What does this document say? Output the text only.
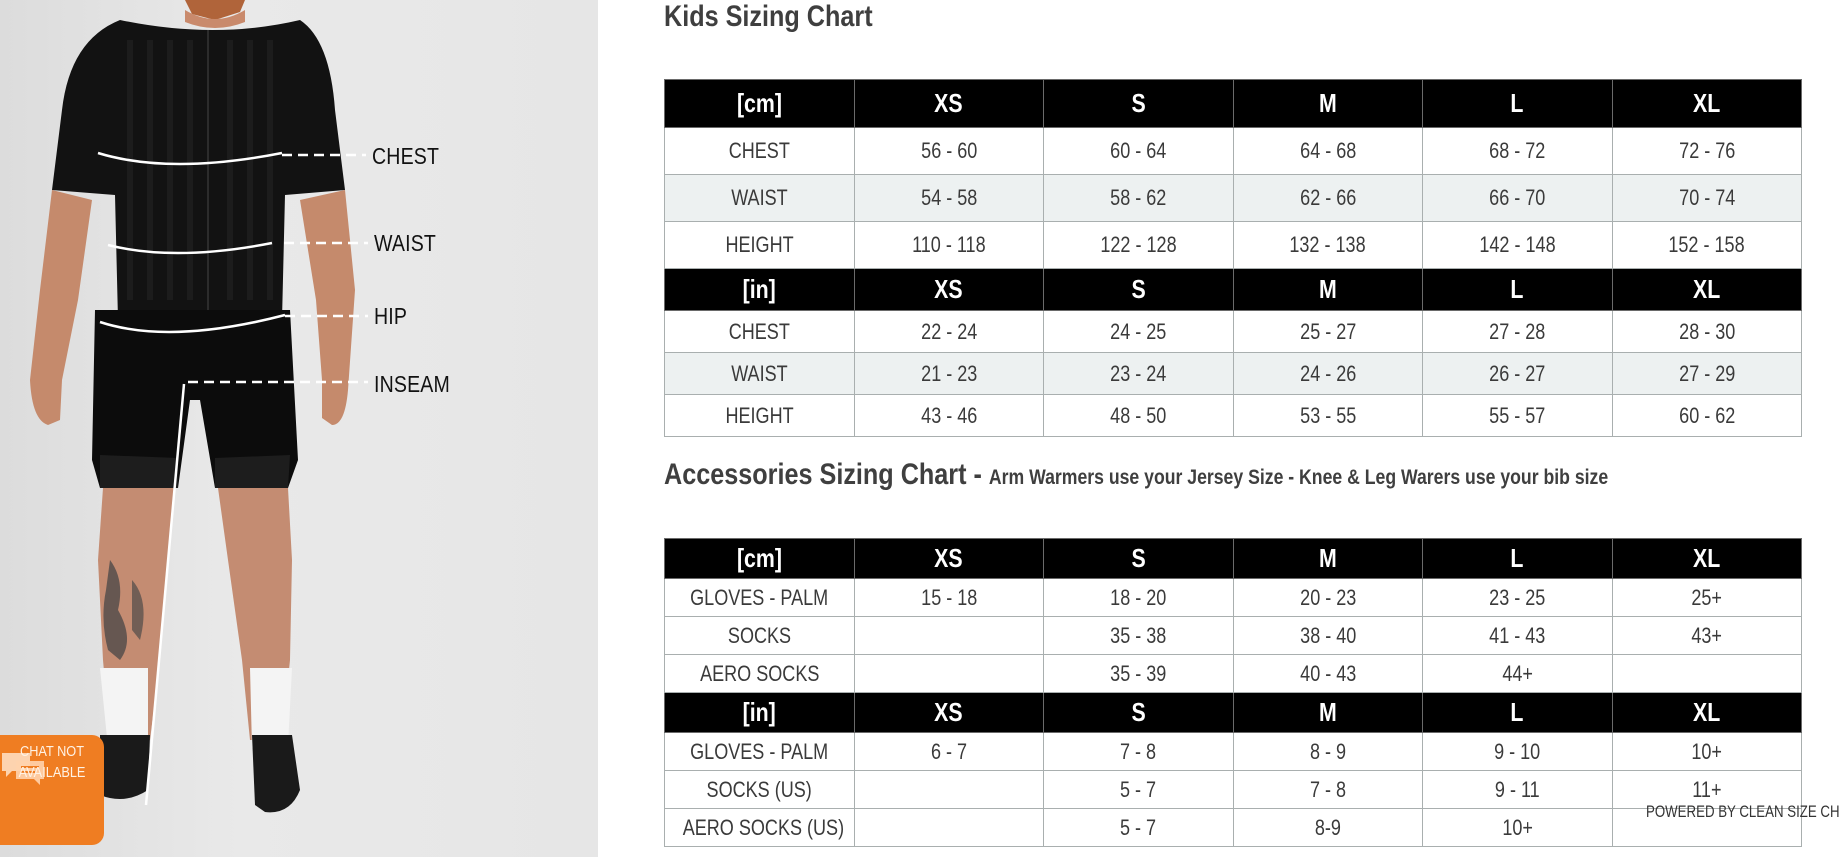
CHEST
WAIST
HIP
INSEAM
CHAT NOT AVAILABLE
Kids Sizing Chart
[cm]	XS	S	M	L	XL
CHEST	56 - 60	60 - 64	64 - 68	68 - 72	72 - 76
WAIST	54 - 58	58 - 62	62 - 66	66 - 70	70 - 74
HEIGHT	110 - 118	122 - 128	132 - 138	142 - 148	152 - 158
[in]	XS	S	M	L	XL
CHEST	22 - 24	24 - 25	25 - 27	27 - 28	28 - 30
WAIST	21 - 23	23 - 24	24 - 26	26 - 27	27 - 29
HEIGHT	43 - 46	48 - 50	53 - 55	55 - 57	60 - 62
Accessories Sizing Chart - Arm Warmers use your Jersey Size - Knee & Leg Warers use your bib size
[cm]	XS	S	M	L	XL
GLOVES - PALM	15 - 18	18 - 20	20 - 23	23 - 25	25+
SOCKS		35 - 38	38 - 40	41 - 43	43+
AERO SOCKS		35 - 39	40 - 43	44+	
[in]	XS	S	M	L	XL
GLOVES - PALM	6 - 7	7 - 8	8 - 9	9 - 10	10+
SOCKS (US)		5 - 7	7 - 8	9 - 11	11+
AERO SOCKS (US)		5 - 7	8-9	10+	
POWERED BY CLEAN SIZE CH
